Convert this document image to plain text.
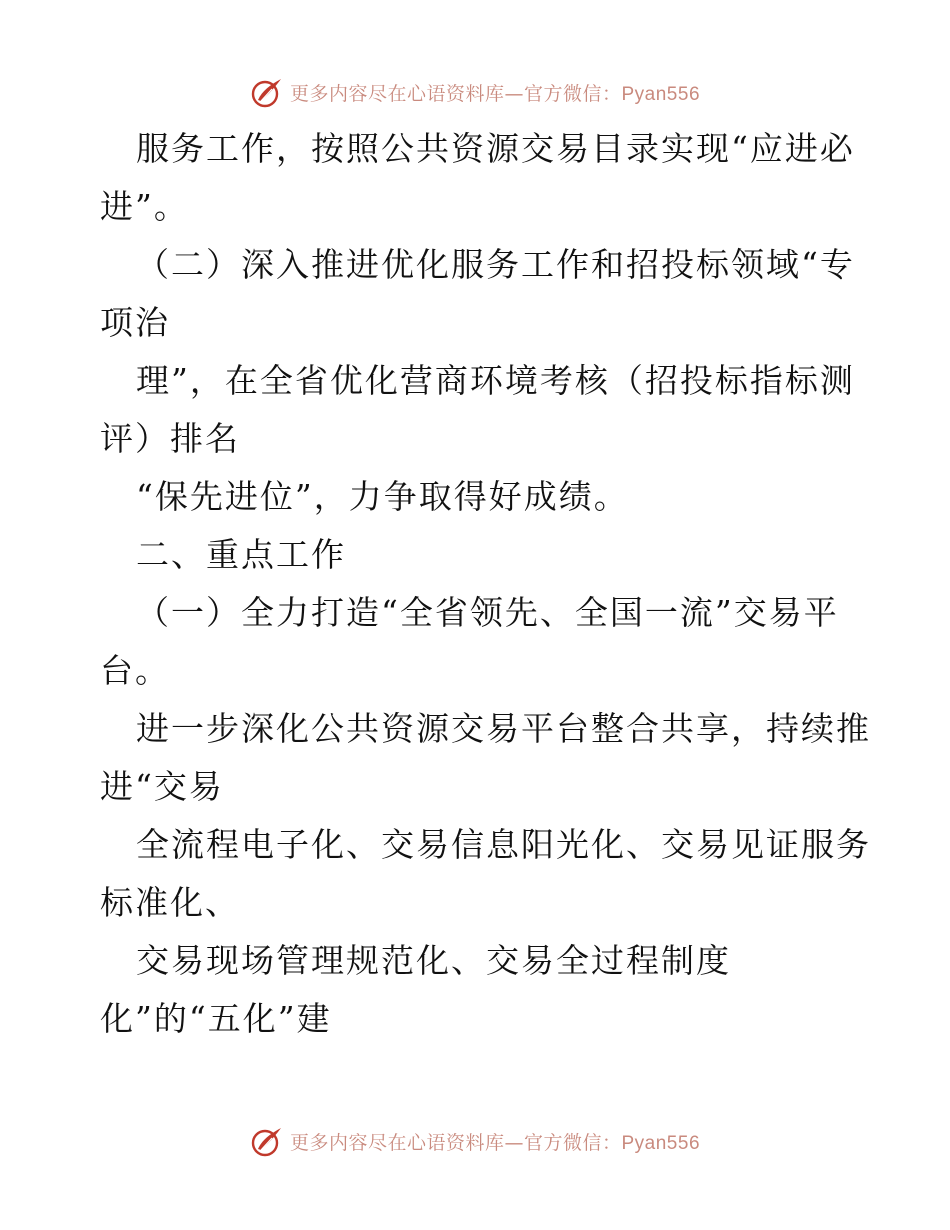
更多内容尽在心语资料库—官方微信：Pyan556
服务工作，按照公共资源交易目录实现“应进必
进”。
（二）深入推进优化服务工作和招投标领域“专
项治
理”，在全省优化营商环境考核（招投标指标测
评）排名
“保先进位”，力争取得好成绩。
二、重点工作
（一）全力打造“全省领先、全国一流”交易平
台。
进一步深化公共资源交易平台整合共享，持续推
进“交易
全流程电子化、交易信息阳光化、交易见证服务
标准化、
交易现场管理规范化、交易全过程制度
化”的“五化”建
更多内容尽在心语资料库—官方微信：Pyan556
